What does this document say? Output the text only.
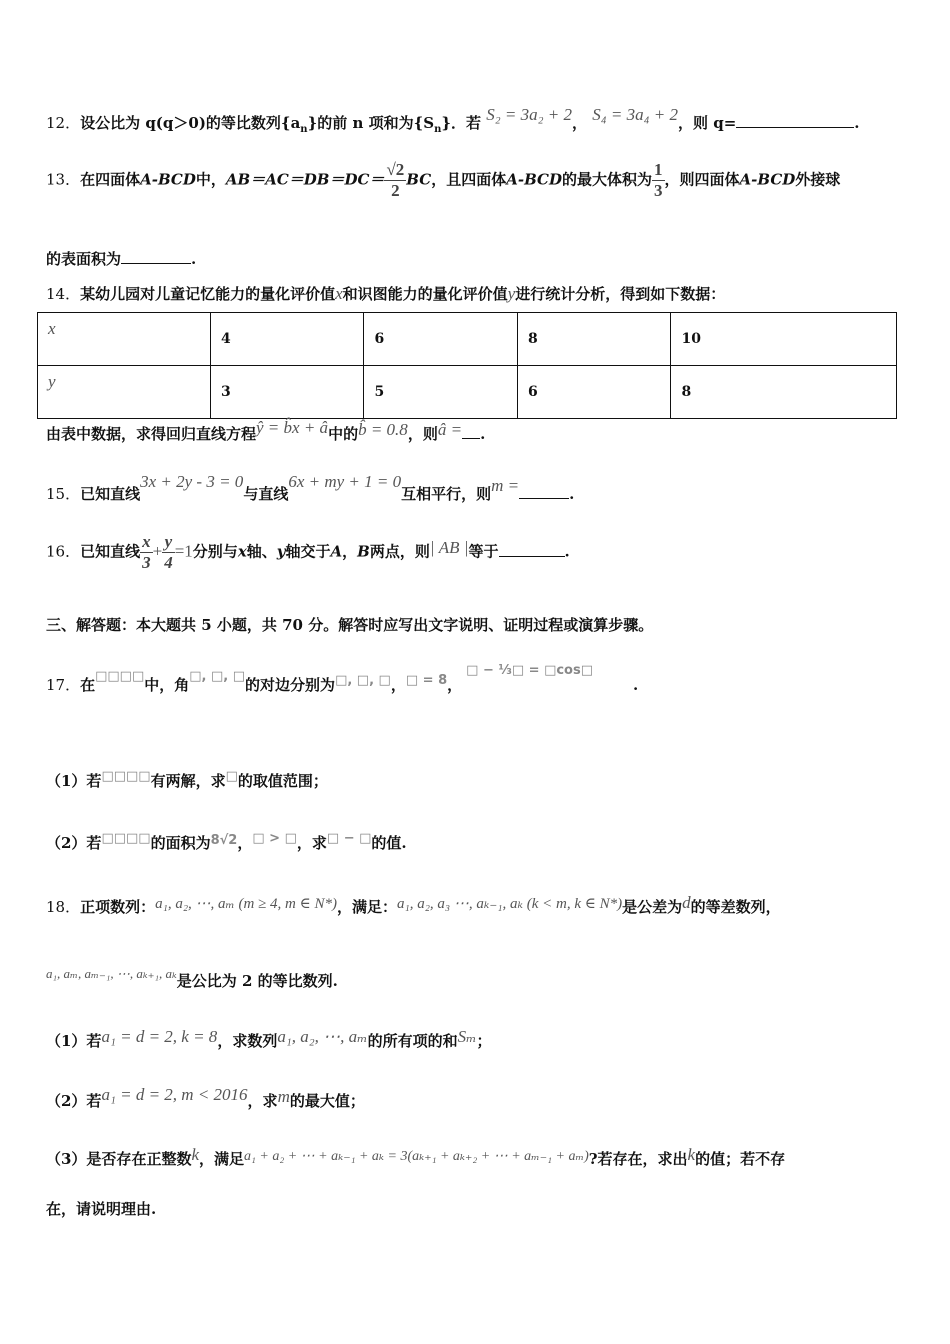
12．设公比为 q(q＞0)的等比数列$\{a_n\}$的前 n 项和为$\{S_n\}$．若 S₂ = 3a₂ + 2， S₄ = 3a₄ + 2，则 q=	.
13．在四面体A-BCD中，$AB=AC=DB=DC= \frac{√2}{2}$ BC，且四面体A-BCD的最大体积为 $\frac{1}{3}$ ，则四面体A-BCD外接球
的表面积为	.
14．某幼儿园对儿童记忆能力的量化评价值x和识图能力的量化评价值y进行统计分析，得到如下数据：
x	4	6	8	10
y	3	5	6	8
由表中数据，求得回归直线方程ŷ = b̂x + â中的b̂ = 0.8，则â = .
15．已知直线3x + 2y - 3 = 0与直线6x + my + 1 = 0互相平行，则m =	.
16．已知直线 $\frac{x}{3} + \frac{y}{4} =1$分别与x轴、y轴交于A，B两点，则| AB |等于	.
三、解答题：本大题共 5 小题，共 70 分。解答时应写出文字说明、证明过程或演算步骤。
17．在□□□□中，角□, □, □的对边分别为□, □, □，□ = 8，□ − ⅓□ = □cos□.
（1）若□□□□有两解，求□的取值范围；
（2）若□□□□的面积为8√2，□ > □，求□ − □的值.
18．正项数列：a₁, a₂, ⋯, aₘ (m ≥ 4, m ∈ N*)，满足：a₁, a₂, a₃ ⋯, aₖ₋₁, aₖ (k < m, k ∈ N*)是公差为d的等差数列，
a₁, aₘ, aₘ₋₁, ⋯, aₖ₊₁, aₖ是公比为 2 的等比数列.
（1）若a₁ = d = 2, k = 8，求数列a₁, a₂, ⋯, aₘ的所有项的和Sₘ；
（2）若a₁ = d = 2, m < 2016，求m的最大值；
（3）是否存在正整数k，满足a₁ + a₂ + ⋯ + aₖ₋₁ + aₖ = 3(aₖ₊₁ + aₖ₊₂ + ⋯ + aₘ₋₁ + aₘ)?若存在，求出k的值；若不存
在，请说明理由.
